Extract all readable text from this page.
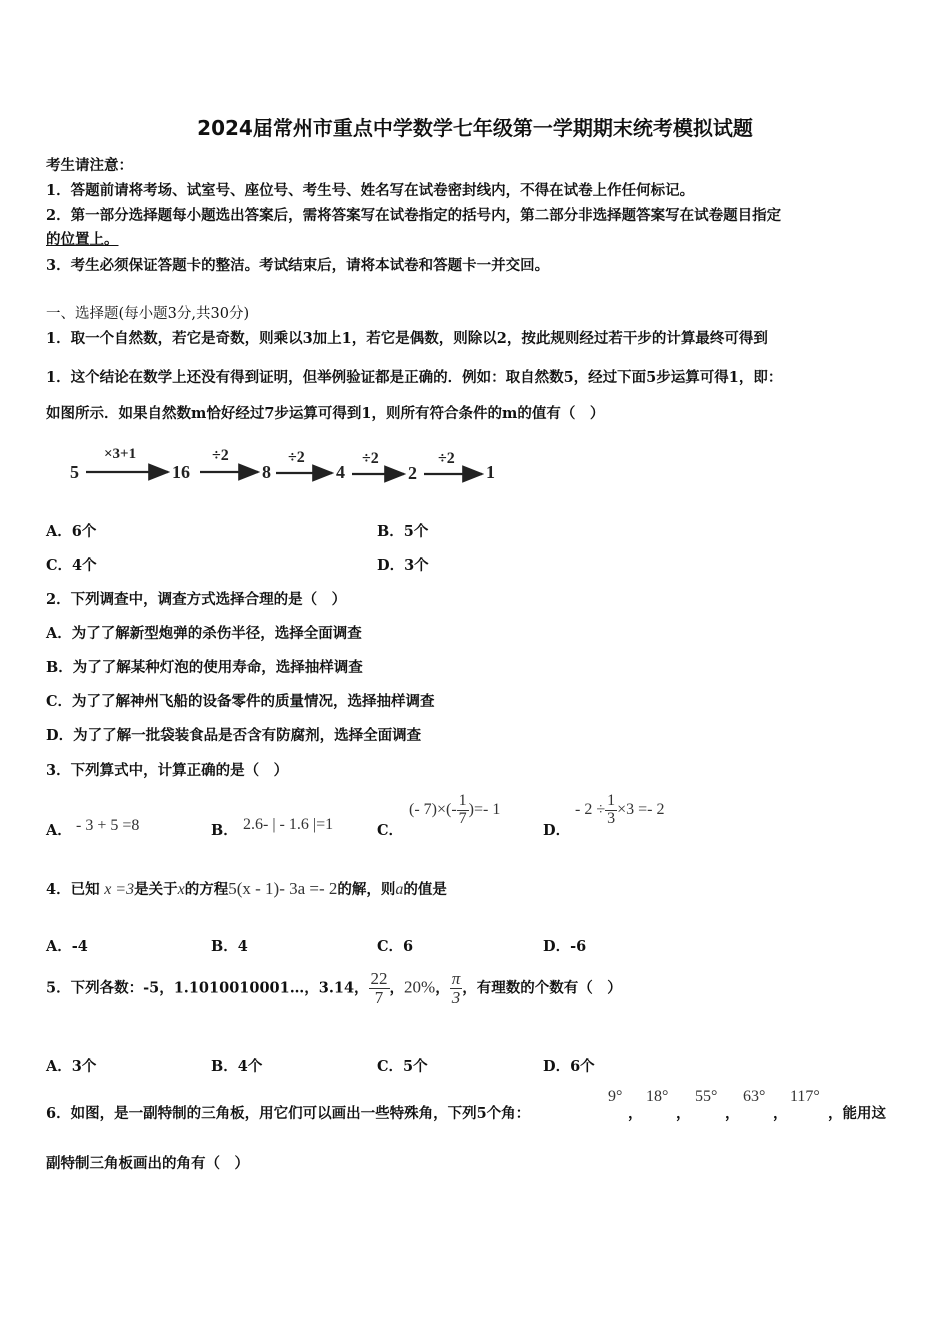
2024届常州市重点中学数学七年级第一学期期末统考模拟试题
考生请注意：
1．答题前请将考场、试室号、座位号、考生号、姓名写在试卷密封线内，不得在试卷上作任何标记。
2．第一部分选择题每小题选出答案后，需将答案写在试卷指定的括号内，第二部分非选择题答案写在试卷题目指定
的位置上。
3．考生必须保证答题卡的整洁。考试结束后，请将本试卷和答题卡一并交回。
一、选择题(每小题3分,共30分)
1．取一个自然数，若它是奇数，则乘以3加上1，若它是偶数，则除以2，按此规则经过若干步的计算最终可得到
1．这个结论在数学上还没有得到证明，但举例验证都是正确的．例如：取自然数5，经过下面5步运算可得1，即：
如图所示．如果自然数m恰好经过7步运算可得到1，则所有符合条件的m的值有（　）
5	16	8	4	2	1
×3+1	÷2	÷2	÷2	÷2
A．6个	B．5个
C．4个	D．3个
2．下列调查中，调查方式选择合理的是（　）
A．为了了解新型炮弹的杀伤半径，选择全面调查
B．为了了解某种灯泡的使用寿命，选择抽样调查
C．为了了解神州飞船的设备零件的质量情况，选择抽样调查
D．为了了解一批袋装食品是否含有防腐剂，选择全面调查
3．下列算式中，计算正确的是（　）
A． - 3 + 5 =8	B． 2.6- | - 1.6 |=1	C．
(- $7)\times(- \frac{1}{7}$ )=- 1
D．
- $2 \div \frac{1}{3} \times 3 =- 2$
4．已知 x =3是关于x的方程5(x - 1)- 3a =- 2的解，则a的值是
A．-4	B．4	C．6	D．-6
5．下列各数：-5，1.1010010001…，3.14， $\frac{22}{7}$ ，20%， $\frac{\pi}{3}$ ，有理数的个数有（　）
A．3个	B．4个	C．5个	D．6个
6．如图，是一副特制的三角板，用它们可以画出一些特殊角，下列5个角：
9°
，
18°
，
55°
，
63°
，
117°
，能用这
副特制三角板画出的角有（　）
